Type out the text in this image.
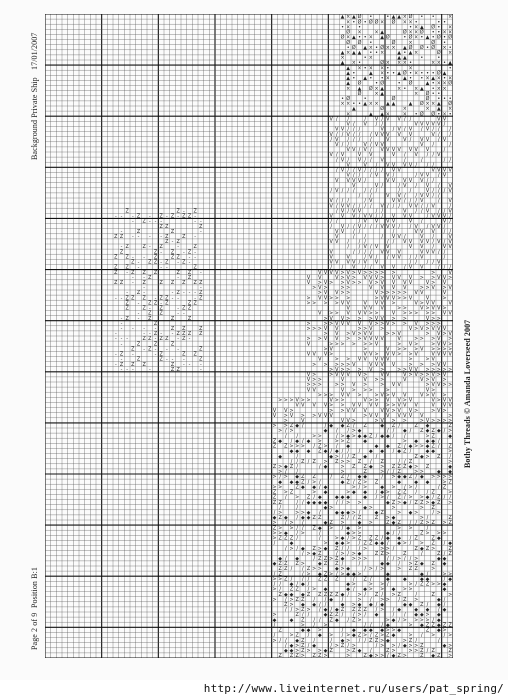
▲ × ▲ Ø •	• ▲ ▲ × Ø • •	×
× • Ø • Ø Ø × Ø × × •	• •
• × •	• × ▲ Ø • ×
Ø ×	× ▲	Ø × × Ø • • × ×
Ø × ▲ • • × ▲ Ø	• Ø × • ▲ • Ø • Ø
Ø Ø •	Ø	×	Ø •
• Ø ▲ × • Ø × × ▲ Ø Ø • Ø × •
▲ × ▲ ▲ • • ×	▲ • ▲ ×	Ø ×
×	• ×	▲ ▲	•	•
▲ × •	Ø × × × •	× × • ▲
▲ × • × × •	×	•
▲ •	▲ × • • ▲ Ø • × • • • Ø ▲
▲ • ▲ • • ×	▲ • • × ▲ × • ×
▲ Ø	• Ø	• Ø	▲ • × × Ø
× ▲ Ø × ▲	× • × ▲ • × ×
Ø	× ▲	× Ø • •
• Ø	•	Ø	Ø • • •
× × • • ▲ × × ▲ ▲	▲ Ø × × ▲ Ø
▲	Ø	×	× ▲ ×
×	▲ ▲ ×	× • Ø Ø • × •
V / /	/ V / V V / /	V V
V / V / /	V V V V V /
V V / / /	V / V / V / V / / /
V / / V / / / V V V V V	V / /
/ V / / / /	V	V / V V / V
V / /	V / V V	V /	/
V V / V / V V V V V V V	/
V / V	V V	V / V / / V
/ V / V / / V	/	/	/ /
V	V / V V V V / / /
/ V / / V / / / / V V	V V V V
V / / / V V /	/ V V / V
V V V V /	V V V V V / /
V	V /	/ V / V / V
/ V / / / / / /	/ /	V / / / V
/ /	V V / / V V / /
V / / /	/ V	V V / / / V	/ V
V / V V / / / / V / / / V V / / V	/
/ V / V V	/ /	V / / V / / V
V V V / V V / / V V V	/ V V V /
/ /	/ V V V V	V /	V /
/ V / / V / / / V V V / / V / V V /
V V / /	/	V V V / /
V	/ /	/ V V /	V /	V
V V / / /	/ / V V V V / V / V
/ / V / V V	V V / V V
V	/ / / / V V V	V V V / /
V	V	/ V / / V V / / V	/
V V V V / V V	/ / / / V
/ / V / / V V / V V	/ / /
V V V V > V > V > > > > >	>	V
V V	V > V > V V V > V V V > > V V >
V > V > > V > > V > V V V V	V > V
> V >	> >	V V V V	> > V > V
> V V > >	V > > > > > V V	V
> V V > > >	> V V V > > V	V	>
> > > > V V	V V V >	V > V V	V
V	V V V	> >	V > V V >
V > > V V V > >	V > > > > > V V
> V V > > > V V > >	V > >
>	> > V V V V V > > V > > V > > >
> > > V V	> > V >	V > V > V V V
> V > V > V V	> > V	> V > V
> > V V > > V V V V	V	> > > V >
V	> > > > > > V	> V >	> V V >
> V	>	V > > > V > > > >
V V V >	V V > V V > > V	V V V V
V	> > V V V V V	>	> V
> > > > > V	V V V V	> > > V V
> V > > > V >	> > V V > > > > >
V >	> V V V V >	V V	V > V > > V > V
V > >	V	V > >	V	V > V >
> > >	> > V >	> V V	> V V > >
V V	V > > >	>	V >
> > > V V >	> V > V V	V > V >
> > > V > >	V > >	V > > V V > V	V > V V
V V V V > > V V V V > > V V V	V V V
V V >	> > V V V	V V > V V >	> V >
V > V > > V V V	> V V V V V V V	>
>	V	V V >	> V > >	> V > > > >
> > Z ◆ /	/ ◆ ◆ Z / Z	◆ Z /	Z ◆	Z
> / >	◆ / / > ◆	/ / ◆ / Z ◆ Z ◆ / >
/ /	> >	/ > ◆ > ◆ ◆ Z / ◆ ◆ / /	> Z	◆
Z ◆ / ◆ / ◆ >	> > Z	◆	> ◆ ◆ ◆ /
Z Z > > > / Z > / ◆	◆ ◆ Z / ◆ > > ◆ Z / Z
◆ ◆ ◆ Z ◆ / ◆ / / / ◆ ◆ / ◆ Z /	◆ ◆	>
◆	/	◆ > / / Z ◆ /	Z ◆ > Z /
/ / Z / Z > Z > > Z / Z	/ / Z	>
Z > ◆ Z /	/ ◆	> Z Z ◆ > Z Z Z ◆ > Z	◆
> / /	>	Z	> / / Z	> >	◆ ◆
> / > ◆ Z Z	/ Z / ◆ ◆	/ > ◆ ◆ Z / ◆ > > > >
◆ ◆ ◆ Z / > /	◆ Z / Z > Z	◆	◆ ◆	> Z
> >	Z ◆ ◆ / ◆	> / >	◆ > / > /	/ Z
Z > Z	> ◆	> ◆ ◆ / ◆ > Z Z / / Z	>
Z / > Z / ◆	◆ ◆ ◆	◆ / > / Z / > > ◆ / Z / /
Z Z	/ / ◆ ◆ ◆ ◆ / / > >	◆ Z > ◆ / Z Z > ◆ Z >
/	/	◆ >	◆ >	>	> Z
/ >	> > ◆ /	◆ ◆ ◆ > /	◆ Z	> ◆ >	/ >
◆ Z ◆ / ◆ ◆ Z Z	Z / / Z	Z > ◆	> /	Z
> / > /	◆ Z >	◆ >	Z ◆ Z / / Z > Z > Z
Z > > / / Z ◆ > / ◆ >	> >	/
> > ◆ / >	/	◆ > >	◆ / /	Z > > >
> Z Z Z /	/	> ◆ / > Z Z Z / ◆ ◆ / Z	Z ◆
/	◆	> ◆ ◆ > / Z Z ◆ ◆ / ◆ > / > Z / ◆
/ > / ◆ Z > ◆ Z / / / >	> > /	Z ◆ Z >	Z
/ > ◆ Z	/ > / > ◆	Z Z >	Z	/	Z / Z
◆ / ◆	/ Z Z > Z ◆ > > >	/ / > / / >	◆ ◆
◆ Z Z Z >	◆ Z Z /	/	◆ ◆ / > Z ◆ Z ◆
Z Z / / Z > >	◆ > ◆	/ > / >	> Z Z	>
/ Z	/ > ◆ Z > / > ◆ ◆ >	◆	◆ /	> >
> > Z / / / Z Z Z	/ Z /	◆	◆	◆ ◆	/ ◆
/ / ◆ / ◆ /	◆ >	> > /	> / Z Z > > ◆
> / Z Z / > ◆	◆ / ◆ > > ◆ > >	◆
Z ◆ ◆ ◆ Z Z Z Z Z ◆ / > / Z / > Z	/	Z	>
> / > Z Z / / ◆ /	> / > > / Z >	◆ /
Z > ◆ ◆ / /	◆ > ◆ ◆ / ◆	◆ ◆ Z / ◆ /
/ / > Z > / ◆ / ◆ Z Z Z Z / > / ◆	◆ ◆ / ◆
>	Z / /	◆ Z Z / / > / ◆	/ / ◆ ◆ > ◆
◆	◆ Z / / Z ◆ / Z >	> ◆ / > > > > / ◆
/	> / >	/ / / ◆	> ◆ Z Z ◆ Z Z
Z	◆ ◆ >	/ ◆ ◆ ◆ ◆ > > ◆	Z ◆ >
/	> Z / ◆ > / > ◆ Z > / Z > Z ◆	> / > / >
> / / ◆ Z /	/ ◆ > / / Z Z > ◆	> Z /	/
/ ◆ > Z / ◆	/ > Z / >	/ > > / ◆ > > Z	◆ >
◆ ◆ > Z > > ◆ Z	> Z ◆ /	Z >	> > Z / Z	Z
Z Z Z > Z Z >	>	Z ◆ > > / ◆ Z >	Z ◆ Z >
Z	Z - Z
- - - Z - Z - Z - Z Z -
- Z - - -	- -
Z Z	Z
-	Z	Z	-
Z Z - - - - Z	Z -
Z - Z
- Z	Z - Z	-	Z
Z	Z - Z - Z -
Z Z - - Z	Z Z - -
Z - Z Z - Z - Z -
Z Z -	- -	Z
Z - Z Z Z	Z Z -
- - Z	- Z
Z Z - Z	Z Z Z Z Z
-	-
- Z -	- Z - - - Z
- - Z Z Z - Z Z - -	- Z
Z - Z Z - Z	Z Z
Z	Z - Z	- Z Z
- Z Z	- -
- Z - Z	Z	Z
-	Z
- - - -	Z Z	Z
-	- - Z - - Z Z Z Z
- - -	Z Z - Z Z - Z -
-	Z	Z	Z
Z - Z - - -	Z
- Z -	- Z	Z Z
-	Z	Z - - -	Z
- Z Z Z	Z - - -
- - -	-	Z Z	-
17/01/2007
Background Private Ship
Position B:1
Page 2 of 9
Bothy Threads © Amanda Loverseed 2007
http://www.liveinternet.ru/users/pat_spring/
